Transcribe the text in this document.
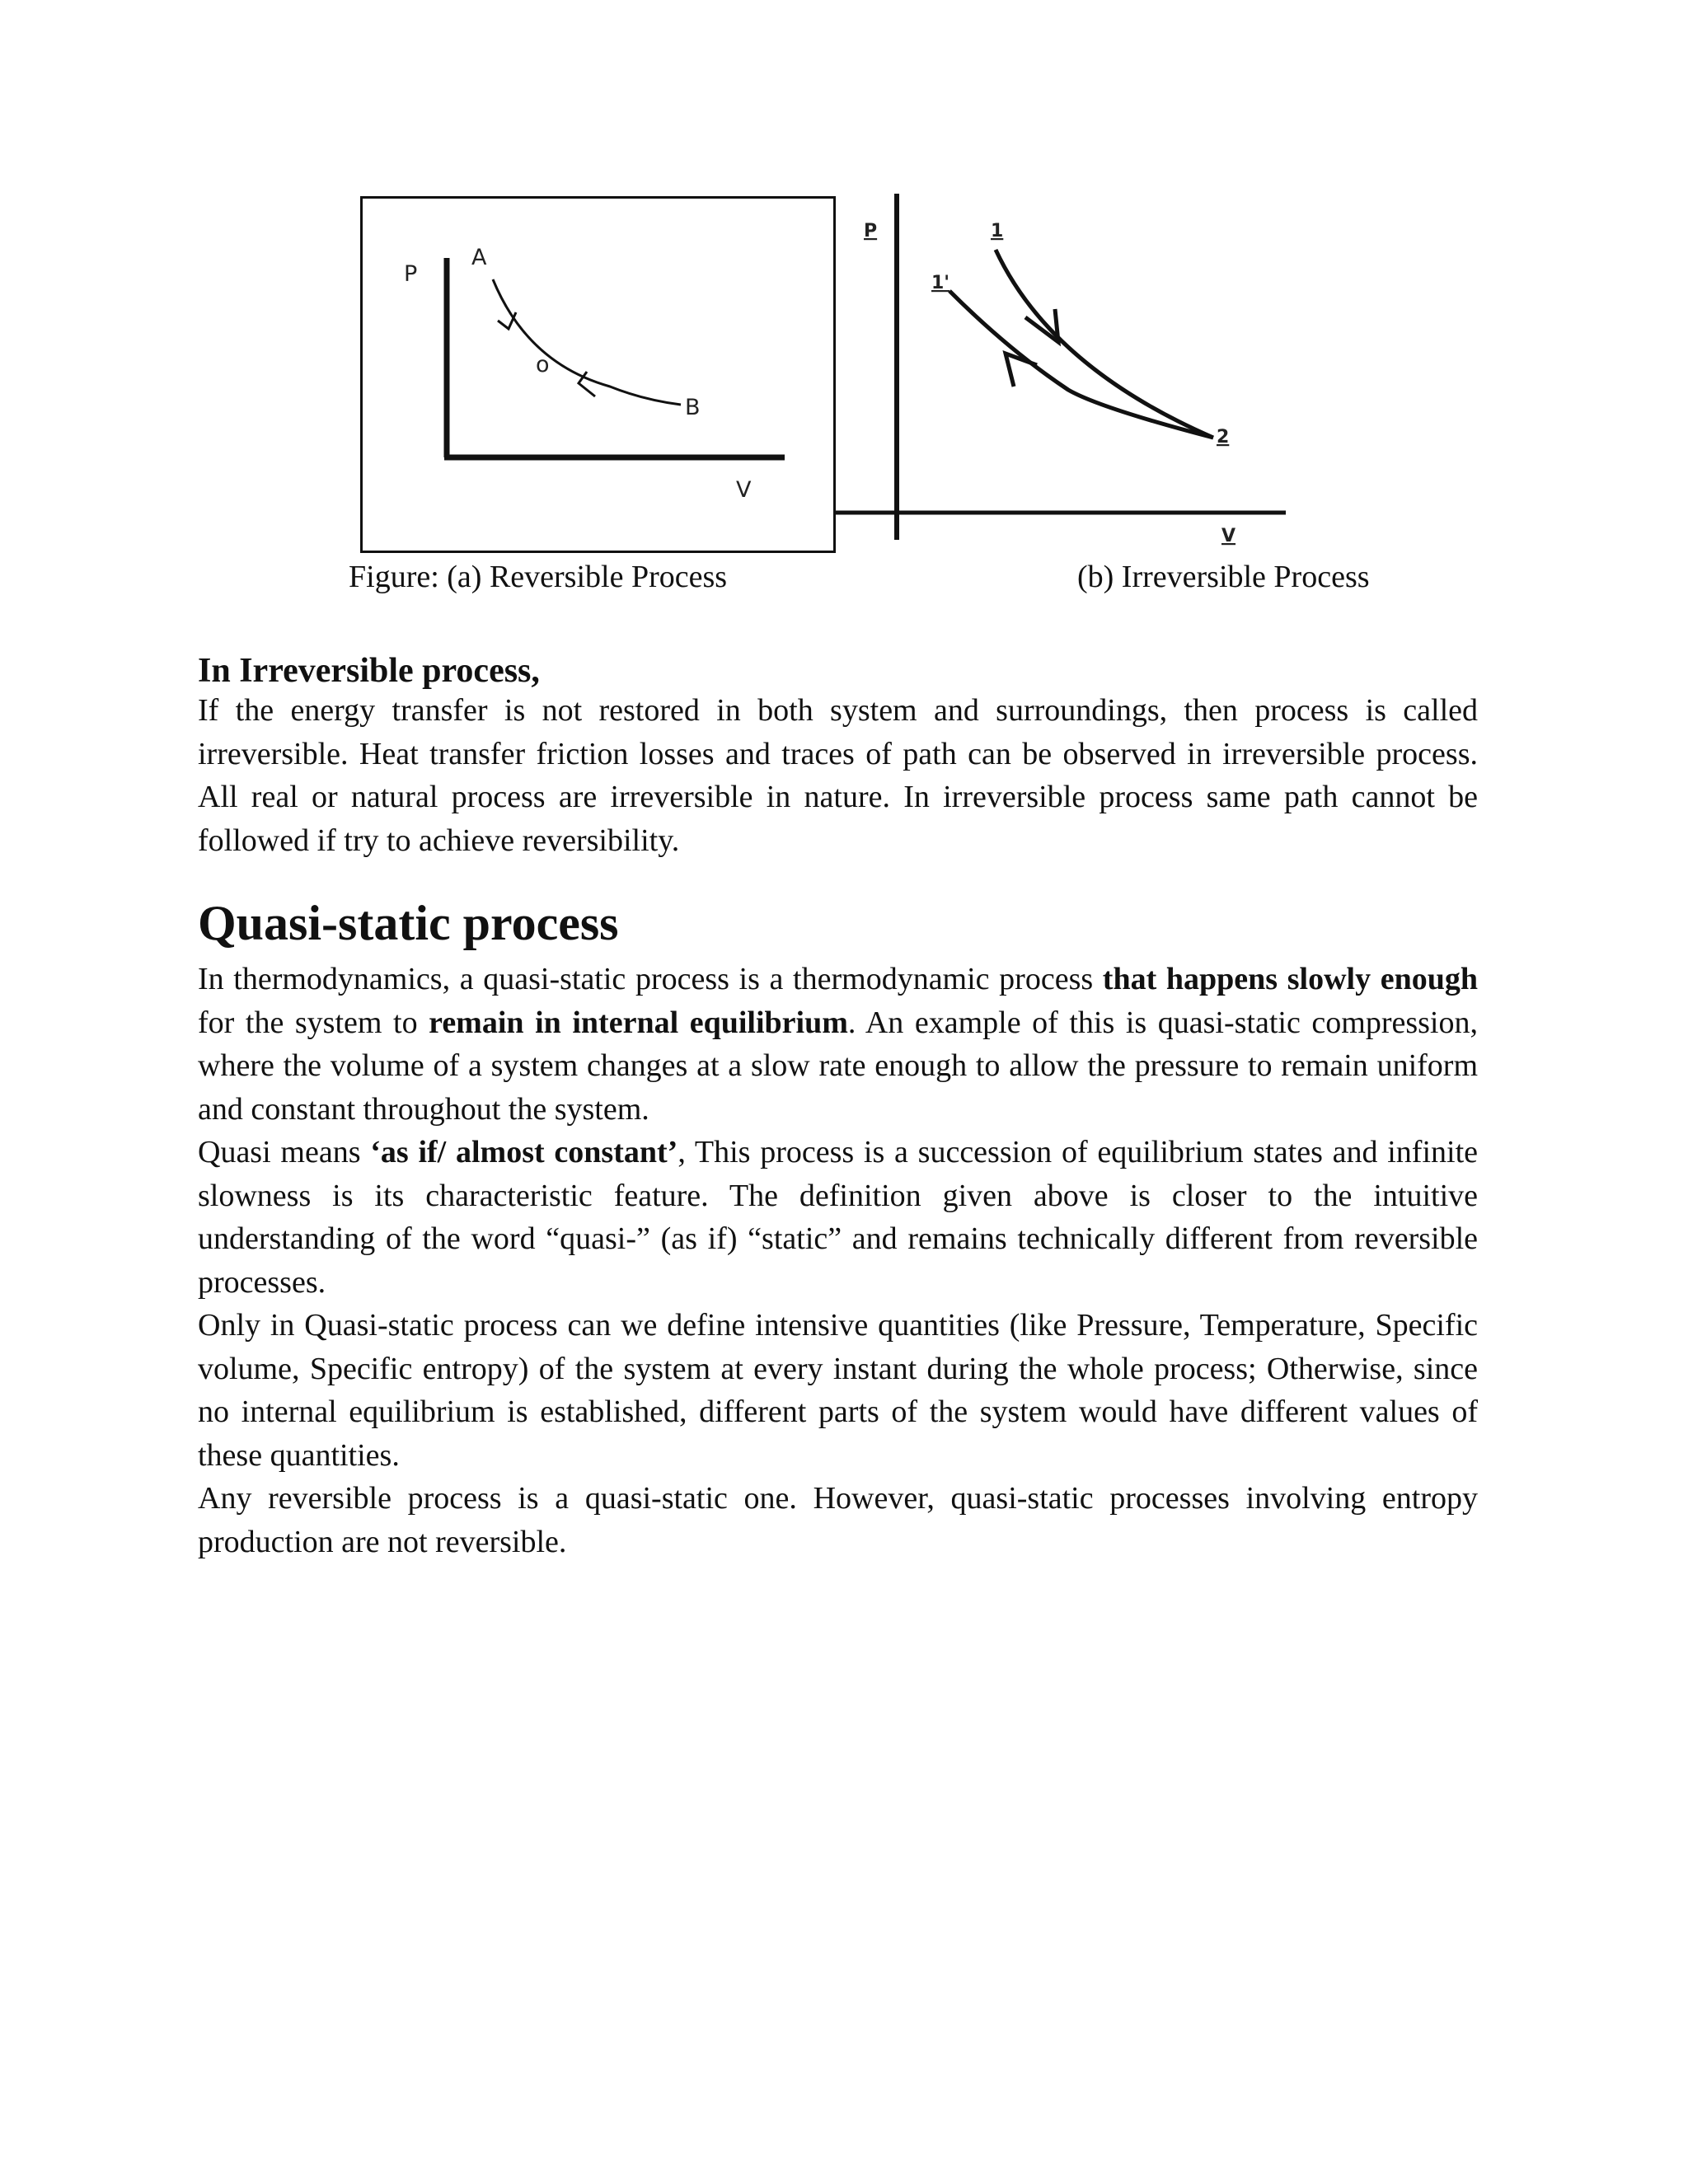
P
V
A
B
o
P
V
1
1'
2
Figure: (a) Reversible Process	(b) Irreversible Process
In Irreversible process,
If the energy transfer is not restored in both system and surroundings, then process is called irreversible. Heat transfer friction losses and traces of path can be observed in irreversible process. All real or natural process are irreversible in nature. In irreversible process same path cannot be followed if try to achieve reversibility.
Quasi-static process
In thermodynamics, a quasi-static process is a thermodynamic process that happens slowly enough for the system to remain in internal equilibrium. An example of this is quasi-static compression, where the volume of a system changes at a slow rate enough to allow the pressure to remain uniform and constant throughout the system.
Quasi means ‘as if/ almost constant’, This process is a succession of equilibrium states and infinite slowness is its characteristic feature. The definition given above is closer to the intuitive understanding of the word “quasi-” (as if) “static” and remains technically different from reversible processes.
Only in Quasi-static process can we define intensive quantities (like Pressure, Temperature, Specific volume, Specific entropy) of the system at every instant during the whole process; Otherwise, since no internal equilibrium is established, different parts of the system would have different values of these quantities.
Any reversible process is a quasi-static one. However, quasi-static processes involving entropy production are not reversible.
